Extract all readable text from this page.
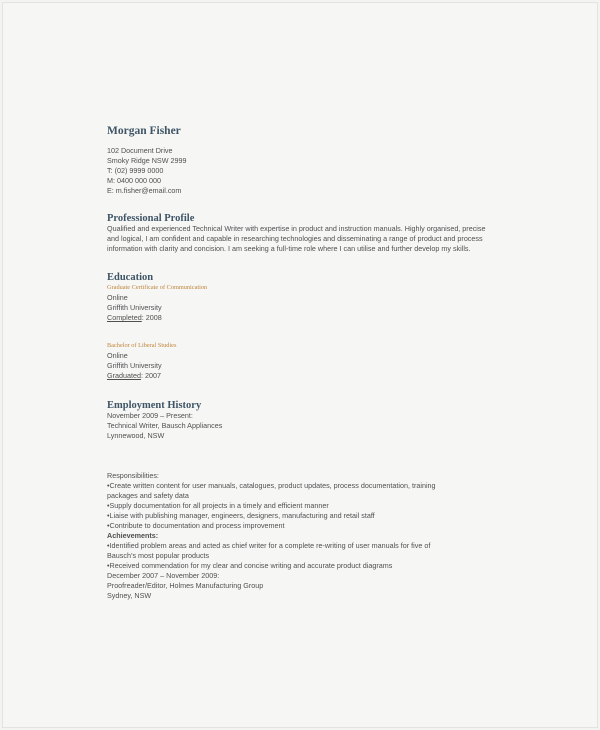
Morgan Fisher
102 Document Drive
Smoky Ridge NSW 2999
T: (02) 9999 0000
M: 0400 000 000
E: m.fisher@email.com
Professional Profile
Qualified and experienced Technical Writer with expertise in product and instruction manuals. Highly organised, precise
and logical, I am confident and capable in researching technologies and disseminating a range of product and process
information with clarity and concision. I am seeking a full-time role where I can utilise and further develop my skills.
Education
Graduate Certificate of Communication
Online
Griffith University
Completed: 2008
Bachelor of Liberal Studies
Online
Griffith University
Graduated: 2007
Employment History
November 2009 – Present:
Technical Writer, Bausch Appliances
Lynnewood, NSW
Responsibilities:
•Create written content for user manuals, catalogues, product updates, process documentation, training
packages and safety data
•Supply documentation for all projects in a timely and efficient manner
•Liaise with publishing manager, engineers, designers, manufacturing and retail staff
•Contribute to documentation and process improvement
Achievements:
•Identified problem areas and acted as chief writer for a complete re-writing of user manuals for five of
Bausch’s most popular products
•Received commendation for my clear and concise writing and accurate product diagrams
December 2007 – November 2009:
Proofreader/Editor, Holmes Manufacturing Group
Sydney, NSW
